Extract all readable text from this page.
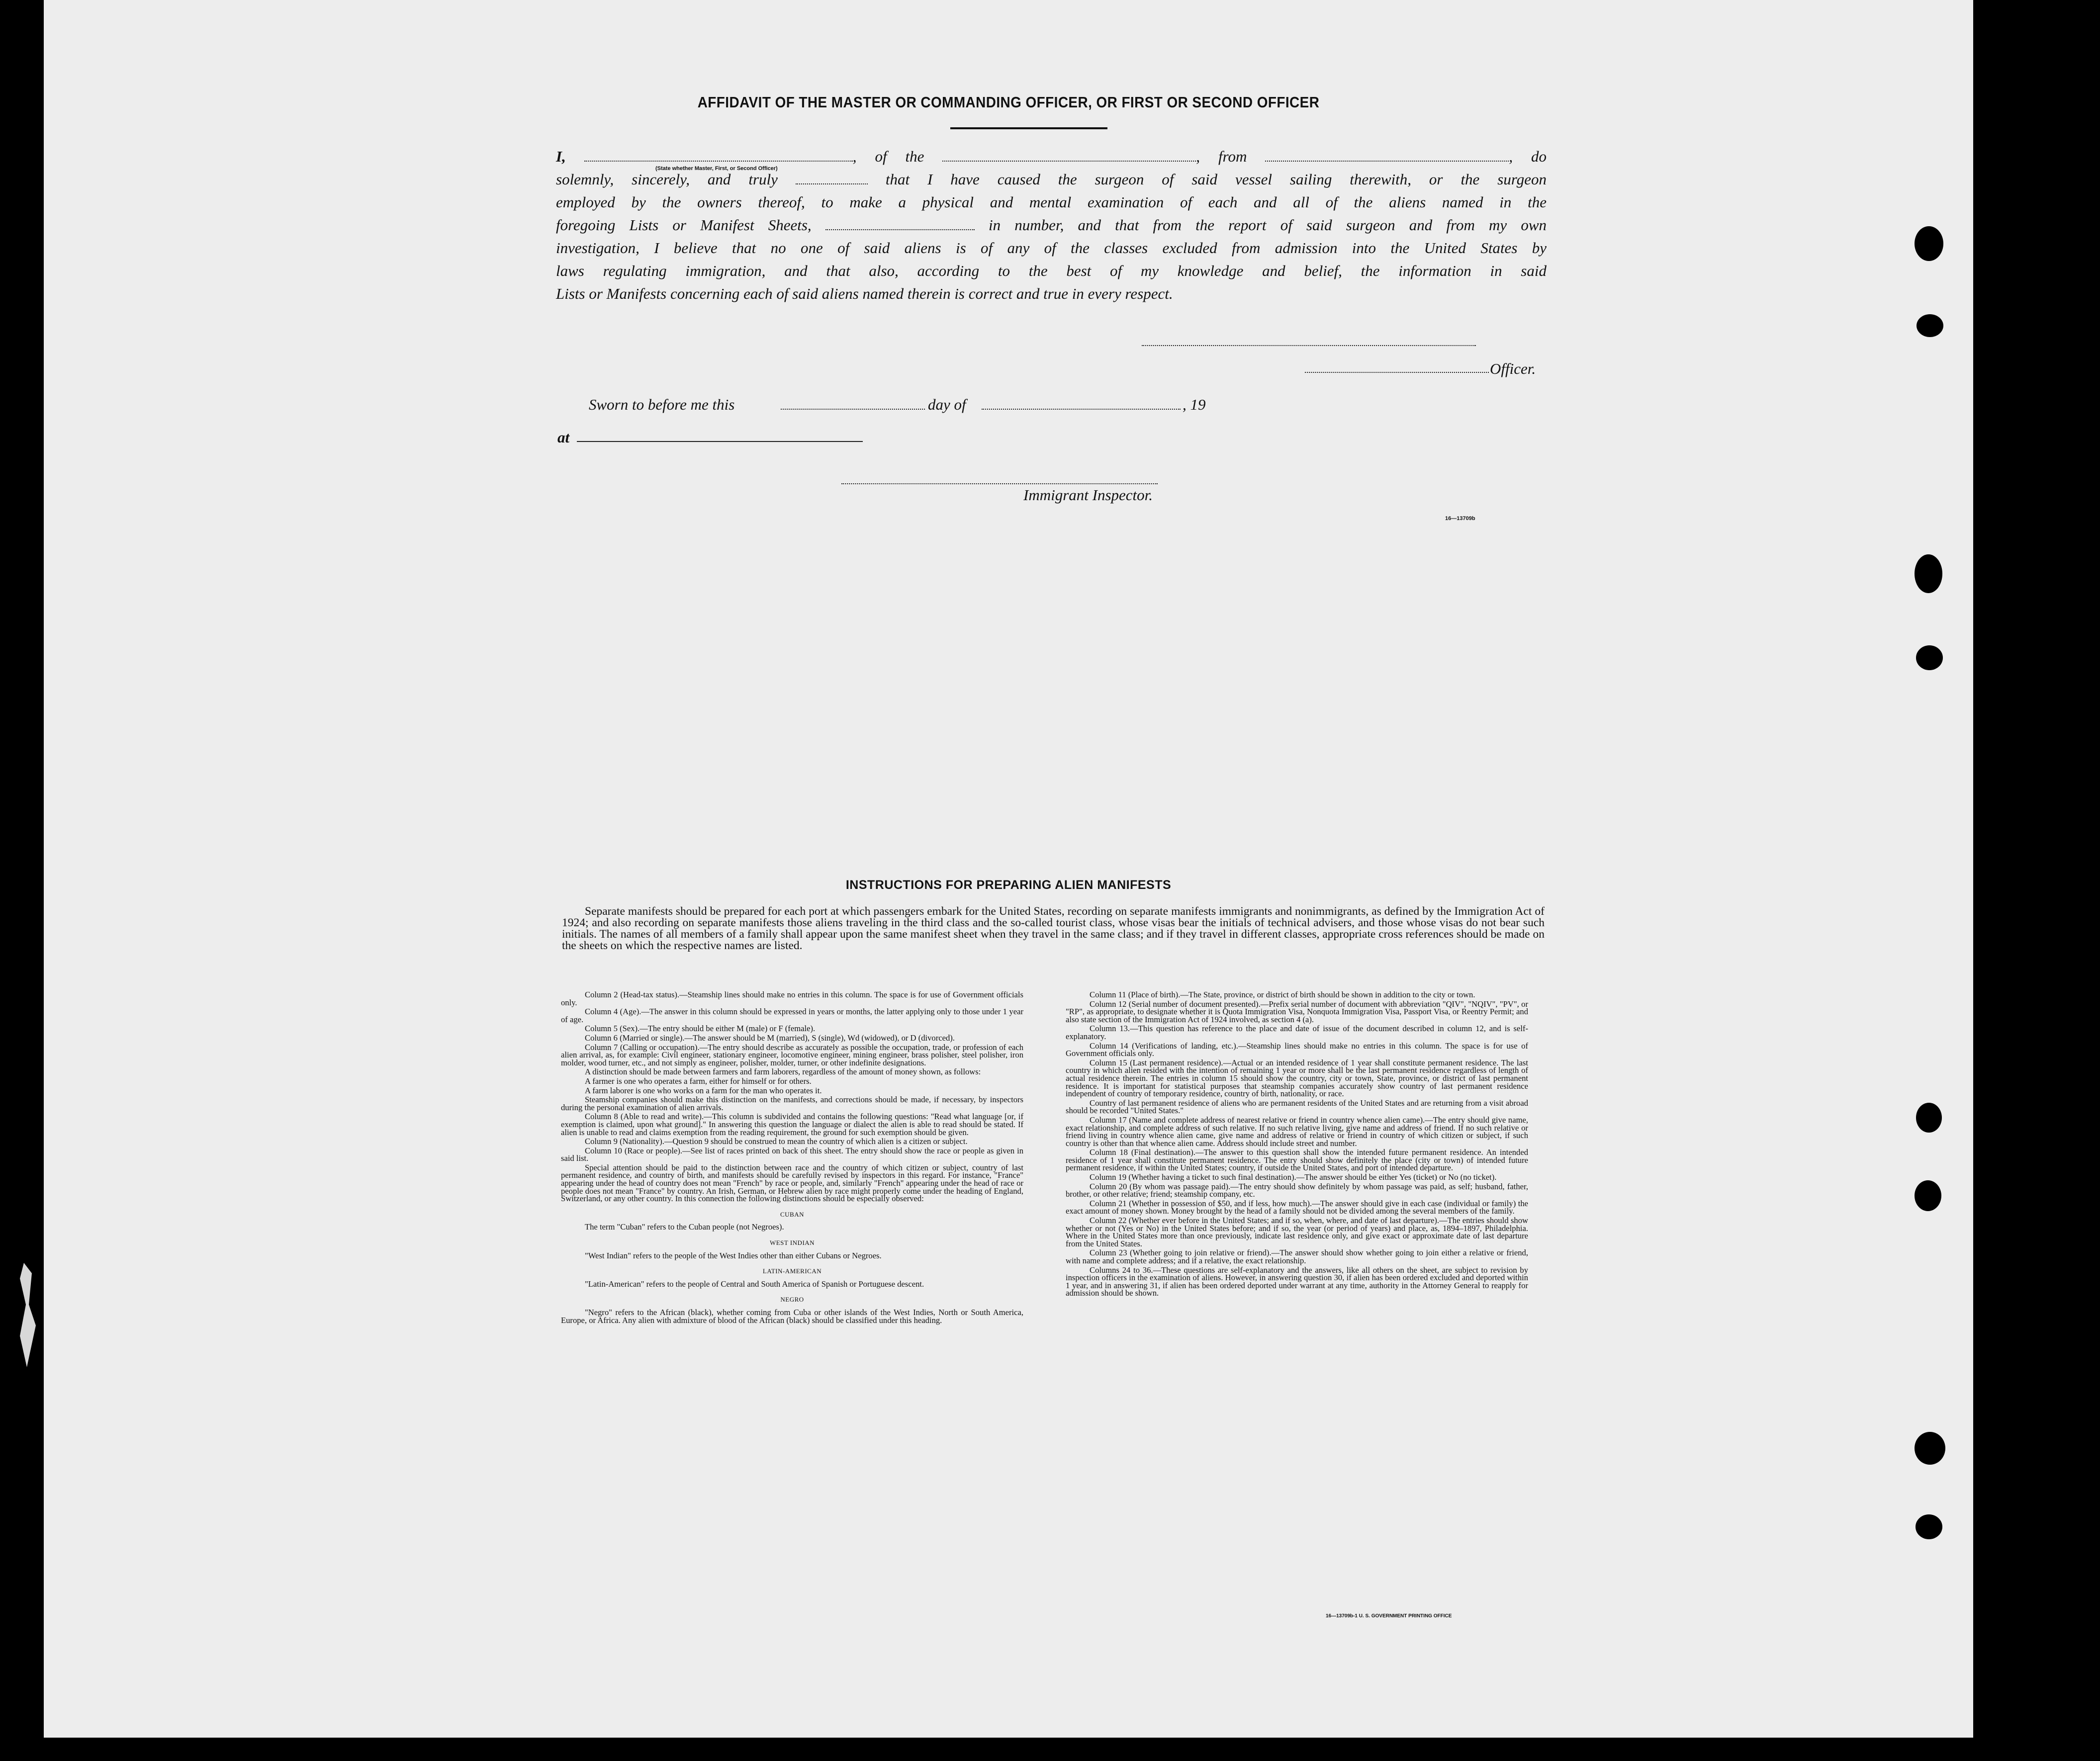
AFFIDAVIT OF THE MASTER OR COMMANDING OFFICER, OR FIRST OR SECOND OFFICER
I,	, of the	, from	, do
solemnly, sincerely, and truly	that I have caused the surgeon of said vessel sailing therewith, or the surgeon
employed by the owners thereof, to make a physical and mental examination of each and all of the aliens named in the
foregoing Lists or Manifest Sheets,	in number, and that from the report of said surgeon and from my own
investigation, I believe that no one of said aliens is of any of the classes excluded from admission into the United States by
laws regulating immigration, and that also, according to the best of my knowledge and belief, the information in said
Lists or Manifests concerning each of said aliens named therein is correct and true in every respect.
(State whether Master, First, or Second Officer)
Officer.
Sworn to before me this	day of	, 19
at
Immigrant Inspector.
16—13709b
INSTRUCTIONS FOR PREPARING ALIEN MANIFESTS

Separate manifests should be prepared for each port at which passengers embark for the United States, recording on separate manifests immigrants and nonimmigrants, as defined by the Immigration Act of 1924; and also recording on separate manifests those aliens traveling in the third class and the so-called tourist class, whose visas bear the initials of technical advisers, and those whose visas do not bear such initials. The names of all members of a family shall appear upon the same manifest sheet when they travel in the same class; and if they travel in different classes, appropriate cross references should be made on the sheets on which the respective names are listed.

Column 2 (Head-tax status).—Steamship lines should make no entries in this column. The space is for use of Government officials only.

Column 4 (Age).—The answer in this column should be expressed in years or months, the latter applying only to those under 1 year of age.

Column 5 (Sex).—The entry should be either M (male) or F (female).

Column 6 (Married or single).—The answer should be M (married), S (single), Wd (widowed), or D (divorced).

Column 7 (Calling or occupation).—The entry should describe as accurately as possible the occupation, trade, or profession of each alien arrival, as, for example: Civil engineer, stationary engineer, locomotive engineer, mining engineer, brass polisher, steel polisher, iron molder, wood turner, etc., and not simply as engineer, polisher, molder, turner, or other indefinite designations.

A distinction should be made between farmers and farm laborers, regardless of the amount of money shown, as follows:

A farmer is one who operates a farm, either for himself or for others.

A farm laborer is one who works on a farm for the man who operates it.

Steamship companies should make this distinction on the manifests, and corrections should be made, if necessary, by inspectors during the personal examination of alien arrivals.

Column 8 (Able to read and write).—This column is subdivided and contains the following questions: "Read what language [or, if exemption is claimed, upon what ground]." In answering this question the language or dialect the alien is able to read should be stated. If alien is unable to read and claims exemption from the reading requirement, the ground for such exemption should be given.

Column 9 (Nationality).—Question 9 should be construed to mean the country of which alien is a citizen or subject.

Column 10 (Race or people).—See list of races printed on back of this sheet. The entry should show the race or people as given in said list.

Special attention should be paid to the distinction between race and the country of which citizen or subject, country of last permanent residence, and country of birth, and manifests should be carefully revised by inspectors in this regard. For instance, "France" appearing under the head of country does not mean "French" by race or people, and, similarly "French" appearing under the head of race or people does not mean "France" by country. An Irish, German, or Hebrew alien by race might properly come under the heading of England, Switzerland, or any other country. In this connection the following distinctions should be especially observed:

CUBAN

The term "Cuban" refers to the Cuban people (not Negroes).

WEST INDIAN

"West Indian" refers to the people of the West Indies other than either Cubans or Negroes.

LATIN-AMERICAN

"Latin-American" refers to the people of Central and South America of Spanish or Portuguese descent.

NEGRO

"Negro" refers to the African (black), whether coming from Cuba or other islands of the West Indies, North or South America, Europe, or Africa. Any alien with admixture of blood of the African (black) should be classified under this heading.

Column 11 (Place of birth).—The State, province, or district of birth should be shown in addition to the city or town.

Column 12 (Serial number of document presented).—Prefix serial number of document with abbreviation "QIV", "NQIV", "PV", or "RP", as appropriate, to designate whether it is Quota Immigration Visa, Nonquota Immigration Visa, Passport Visa, or Reentry Permit; and also state section of the Immigration Act of 1924 involved, as section 4 (a).

Column 13.—This question has reference to the place and date of issue of the document described in column 12, and is self-explanatory.

Column 14 (Verifications of landing, etc.).—Steamship lines should make no entries in this column. The space is for use of Government officials only.

Column 15 (Last permanent residence).—Actual or an intended residence of 1 year shall constitute permanent residence. The last country in which alien resided with the intention of remaining 1 year or more shall be the last permanent residence regardless of length of actual residence therein. The entries in column 15 should show the country, city or town, State, province, or district of last permanent residence. It is important for statistical purposes that steamship companies accurately show country of last permanent residence independent of country of temporary residence, country of birth, nationality, or race.

Country of last permanent residence of aliens who are permanent residents of the United States and are returning from a visit abroad should be recorded "United States."

Column 17 (Name and complete address of nearest relative or friend in country whence alien came).—The entry should give name, exact relationship, and complete address of such relative. If no such relative living, give name and address of friend. If no such relative or friend living in country whence alien came, give name and address of relative or friend in country of which citizen or subject, if such country is other than that whence alien came. Address should include street and number.

Column 18 (Final destination).—The answer to this question shall show the intended future permanent residence. An intended residence of 1 year shall constitute permanent residence. The entry should show definitely the place (city or town) of intended future permanent residence, if within the United States; country, if outside the United States, and port of intended departure.

Column 19 (Whether having a ticket to such final destination).—The answer should be either Yes (ticket) or No (no ticket).

Column 20 (By whom was passage paid).—The entry should show definitely by whom passage was paid, as self; husband, father, brother, or other relative; friend; steamship company, etc.

Column 21 (Whether in possession of $50, and if less, how much).—The answer should give in each case (individual or family) the exact amount of money shown. Money brought by the head of a family should not be divided among the several members of the family.

Column 22 (Whether ever before in the United States; and if so, when, where, and date of last departure).—The entries should show whether or not (Yes or No) in the United States before; and if so, the year (or period of years) and place, as, 1894–1897, Philadelphia. Where in the United States more than once previously, indicate last residence only, and give exact or approximate date of last departure from the United States.

Column 23 (Whether going to join relative or friend).—The answer should show whether going to join either a relative or friend, with name and complete address; and if a relative, the exact relationship.

Columns 24 to 36.—These questions are self-explanatory and the answers, like all others on the sheet, are subject to revision by inspection officers in the examination of aliens. However, in answering question 30, if alien has been ordered excluded and deported within 1 year, and in answering 31, if alien has been ordered deported under warrant at any time, authority in the Attorney General to reapply for admission should be shown.

16—13709b-1 U. S. GOVERNMENT PRINTING OFFICE
